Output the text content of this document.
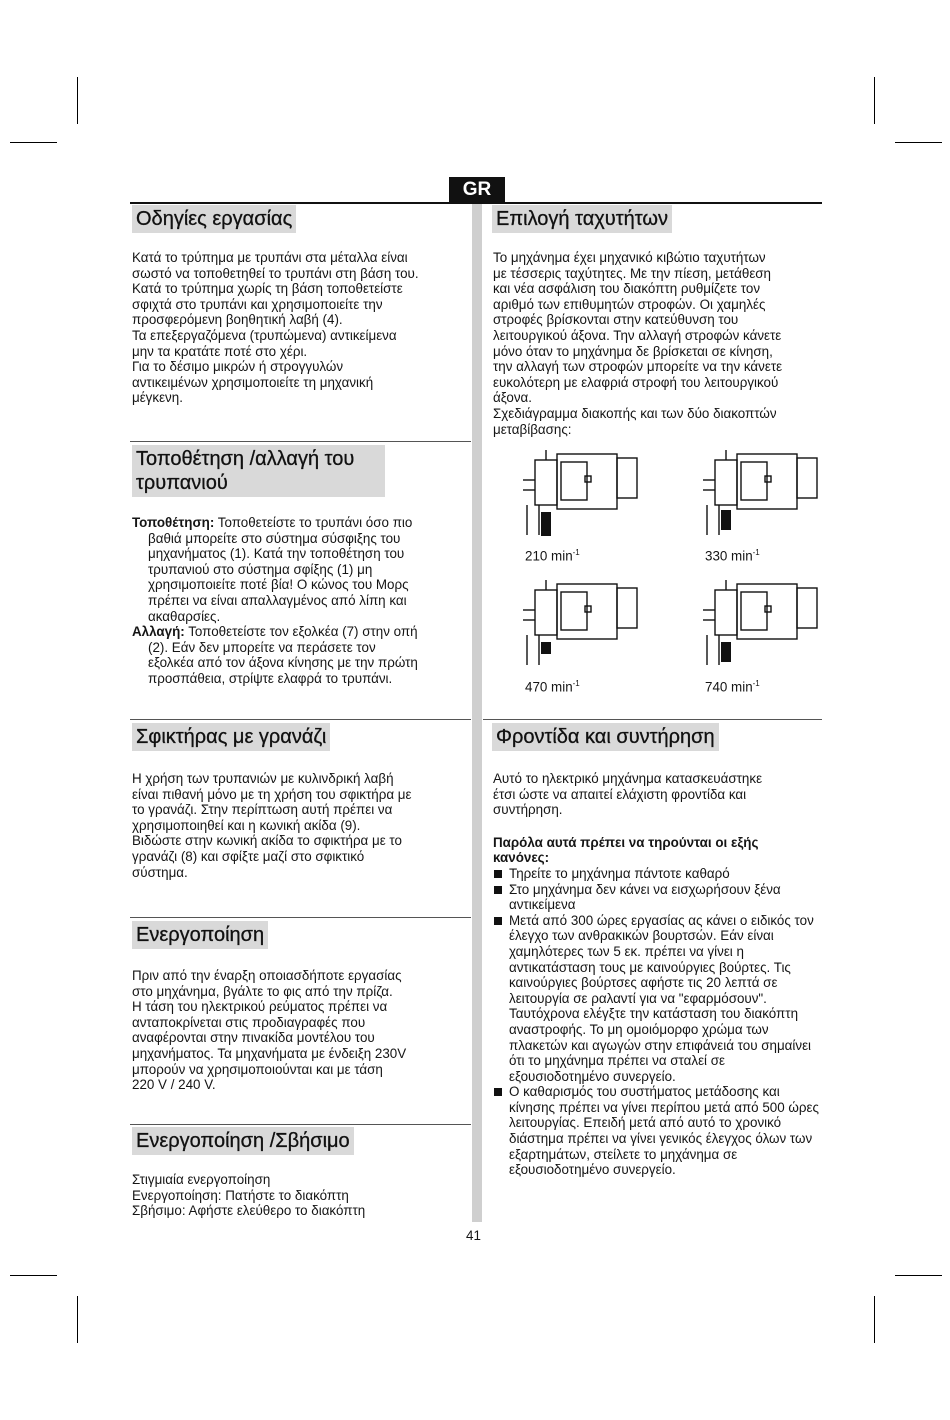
GR
Οδηγίες εργασίας

Κατά το τρύπημα με τρυπάνι στα μέταλλα είναι

σωστό να τοποθετηθεί το τρυπάνι στη βάση του.

Κατά το τρύπημα χωρίς τη βάση τοποθετείστε

σφιχτά στο τρυπάνι και χρησιμοποιείτε την

προσφερόμενη βοηθητική λαβή (4).

Τα επεξεργαζόμενα (τρυπώμενα) αντικείμενα

μην τα κρατάτε ποτέ στο χέρι.

Για το δέσιμο μικρών ή στρογγυλών

αντικειμένων χρησιμοποιείτε τη μηχανική

μέγκενη.

Τοποθέτηση /αλλαγή του
τρυπανιού

Τοποθέτηση: Τοποθετείστε το τρυπάνι όσο πιο

βαθιά μπορείτε στο σύστημα σύσφιξης του

μηχανήματος (1). Κατά την τοποθέτηση του

τρυπανιού στο σύστημα σφίξης (1) μη

χρησιμοποιείτε ποτέ βία! Ο κώνος του Μορς

πρέπει να είναι απαλλαγμένος από λίπη και

ακαθαρσίες.

Αλλαγή: Τοποθετείστε τον εξολκέα (7) στην οπή

(2). Εάν δεν μπορείτε να περάσετε τον

εξολκέα από τον άξονα κίνησης με την πρώτη

προσπάθεια, στρίψτε ελαφρά το τρυπάνι.

Σφικτήρας με γρανάζι

Η χρήση των τρυπανιών με κυλινδρική λαβή

είναι πιθανή μόνο με τη χρήση του σφικτήρα με

το γρανάζι. Στην περίπτωση αυτή πρέπει να

χρησιμοποιηθεί και η κωνική ακίδα (9).

Βιδώστε στην κωνική ακίδα το σφικτήρα με το

γρανάζι (8) και σφίξτε μαζί στο σφικτικό

σύστημα.

Ενεργοποίηση

Πριν από την έναρξη οποιασδήποτε εργασίας

στο μηχάνημα, βγάλτε το φις από την πρίζα.

Η τάση του ηλεκτρικού ρεύματος πρέπει να

ανταποκρίνεται στις προδιαγραφές που

αναφέρονται στην πινακίδα μοντέλου του

μηχανήματος. Τα μηχανήματα με ένδειξη 230V

μπορούν να χρησιμοποιούνται και με τάση

220 V / 240 V.

Ενεργοποίηση /Σβήσιμο

Στιγμιαία ενεργοποίηση

Ενεργοποίηση: Πατήστε το διακόπτη

Σβήσιμο: Αφήστε ελεύθερο το διακόπτη

Επιλογή ταχυτήτων

Το μηχάνημα έχει μηχανικό κιβώτιο ταχυτήτων

με τέσσερις ταχύτητες. Με την πίεση, μετάθεση

και νέα ασφάλιση του διακόπτη ρυθμίζετε τον

αριθμό των επιθυμητών στροφών. Οι χαμηλές

στροφές βρίσκονται στην κατεύθυνση του

λειτουργικού άξονα. Την αλλαγή στροφών κάνετε

μόνο όταν το μηχάνημα δε βρίσκεται σε κίνηση,

την αλλαγή των στροφών μπορείτε να την κάνετε

ευκολότερη με ελαφριά στροφή του λειτουργικού

άξονα.

Σχεδιάγραμμα διακοπής και των δύο διακοπτών

μεταβίβασης:

210 $\min^{-1}$	330 $\min^{-1}$
470 $\min^{-1}$	740 $\min^{-1}$
Φροντίδα και συντήρηση

Αυτό το ηλεκτρικό μηχάνημα κατασκευάστηκε

έτσι ώστε να απαιτεί ελάχιστη φροντίδα και

συντήρηση.

Παρόλα αυτά πρέπει να τηρούνται οι εξής

κανόνες:

Τηρείτε το μηχάνημα πάντοτε καθαρό
Στο μηχάνημα δεν κάνει να εισχωρήσουν ξένα αντικείμενα
Μετά από 300 ώρες εργασίας ας κάνει ο ειδικός τον έλεγχο των ανθρακικών βουρτσών. Εάν είναι χαμηλότερες των 5 εκ. πρέπει να γίνει η αντικατάσταση τους με καινούργιες βούρτες. Τις καινούργιες βούρτσες αφήστε τις 20 λεπτά σε λειτουργία σε ραλαντί για να "εφαρμόσουν". Ταυτόχρονα ελέγξτε την κατάσταση του διακόπτη αναστροφής. Το μη ομοιόμορφο χρώμα των πλακετών και αγωγών στην επιφάνειά του σημαίνει ότι το μηχάνημα πρέπει να σταλεί σε εξουσιοδοτημένο συνεργείο.
Ο καθαρισμός του συστήματος μετάδοσης και κίνησης πρέπει να γίνει περίπου μετά από 500 ώρες λειτουργίας. Επειδή μετά από αυτό το χρονικό διάστημα πρέπει να γίνει γενικός έλεγχος όλων των εξαρτημάτων, στείλετε το μηχάνημα σε εξουσιοδοτημένο συνεργείο.
41
